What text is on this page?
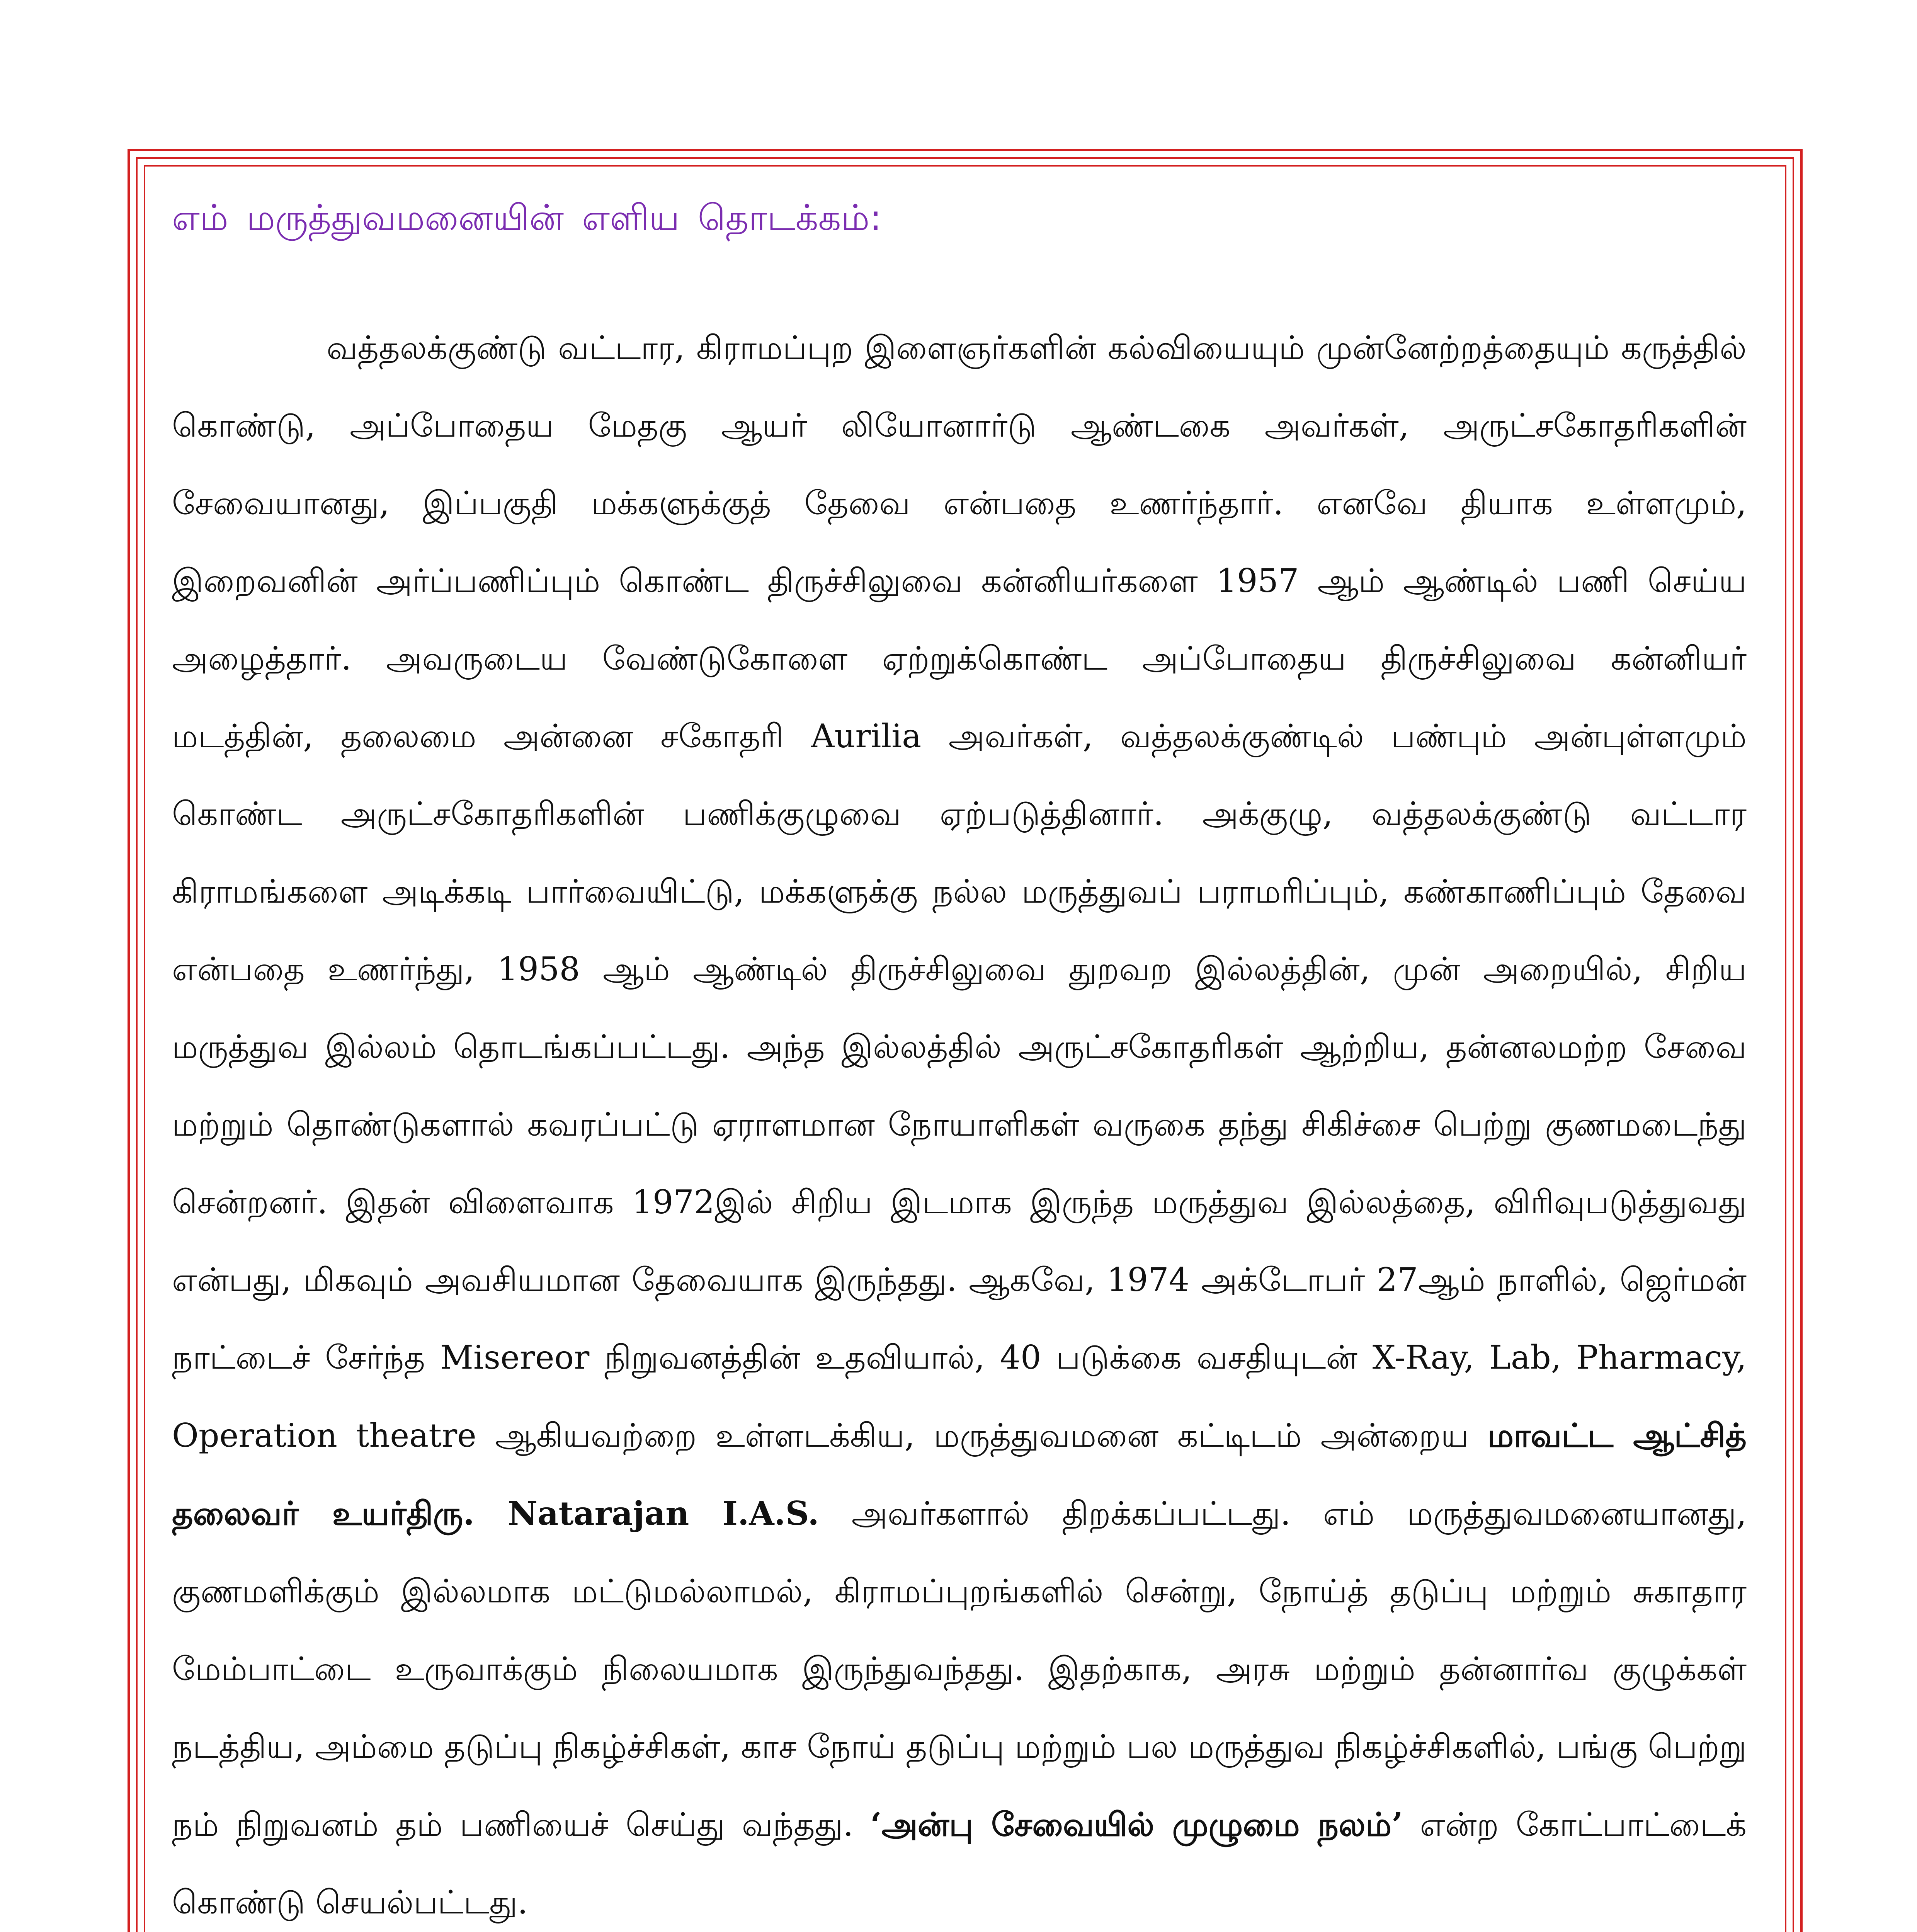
எம் மருத்துவமனையின் எளிய தொடக்கம்:

வத்தலக்குண்டு வட்டார, கிராமப்புற இளைஞர்களின் கல்வியையும் முன்னேற்றத்தையும் கருத்தில் கொண்டு, அப்போதைய மேதகு ஆயர் லியோனார்டு ஆண்டகை அவர்கள், அருட்சகோதரிகளின் சேவையானது, இப்பகுதி மக்களுக்குத் தேவை என்பதை உணர்ந்தார். எனவே தியாக உள்ளமும், இறைவனின் அர்ப்பணிப்பும் கொண்ட திருச்சிலுவை கன்னியர்களை 1957 ஆம் ஆண்டில் பணி செய்ய அழைத்தார். அவருடைய வேண்டுகோளை ஏற்றுக்கொண்ட அப்போதைய திருச்சிலுவை கன்னியர் மடத்தின், தலைமை அன்னை சகோதரி Aurilia அவர்கள், வத்தலக்குண்டில் பண்பும் அன்புள்ளமும் கொண்ட அருட்சகோதரிகளின் பணிக்குழுவை ஏற்படுத்தினார். அக்குழு, வத்தலக்குண்டு வட்டார கிராமங்களை அடிக்கடி பார்வையிட்டு, மக்களுக்கு நல்ல மருத்துவப் பராமரிப்பும், கண்காணிப்பும் தேவை என்பதை உணர்ந்து, 1958 ஆம் ஆண்டில் திருச்சிலுவை துறவற இல்லத்தின், முன் அறையில், சிறிய மருத்துவ இல்லம் தொடங்கப்பட்டது. அந்த இல்லத்தில் அருட்சகோதரிகள் ஆற்றிய, தன்னலமற்ற சேவை மற்றும் தொண்டுகளால் கவரப்பட்டு ஏராளமான நோயாளிகள் வருகை தந்து சிகிச்சை பெற்று குணமடைந்து சென்றனர். இதன் விளைவாக 1972இல் சிறிய இடமாக இருந்த மருத்துவ இல்லத்தை, விரிவுபடுத்துவது என்பது, மிகவும் அவசியமான தேவையாக இருந்தது. ஆகவே, 1974 அக்டோபர் 27ஆம் நாளில், ஜெர்மன் நாட்டைச் சேர்ந்த Misereor நிறுவனத்தின் உதவியால், 40 படுக்கை வசதியுடன் X-Ray, Lab, Pharmacy, Operation theatre ஆகியவற்றை உள்ளடக்கிய, மருத்துவமனை கட்டிடம் அன்றைய மாவட்ட ஆட்சித் தலைவர் உயர்திரு. Natarajan I.A.S. அவர்களால் திறக்கப்பட்டது. எம் மருத்துவமனையானது, குணமளிக்கும் இல்லமாக மட்டுமல்லாமல், கிராமப்புறங்களில் சென்று, நோய்த் தடுப்பு மற்றும் சுகாதார மேம்பாட்டை உருவாக்கும் நிலையமாக இருந்துவந்தது. இதற்காக, அரசு மற்றும் தன்னார்வ குழுக்கள் நடத்திய, அம்மை தடுப்பு நிகழ்ச்சிகள், காச நோய் தடுப்பு மற்றும் பல மருத்துவ நிகழ்ச்சிகளில், பங்கு பெற்று நம் நிறுவனம் தம் பணியைச் செய்து வந்தது. ‘அன்பு சேவையில் முழுமை நலம்’ என்ற கோட்பாட்டைக் கொண்டு செயல்பட்டது.
